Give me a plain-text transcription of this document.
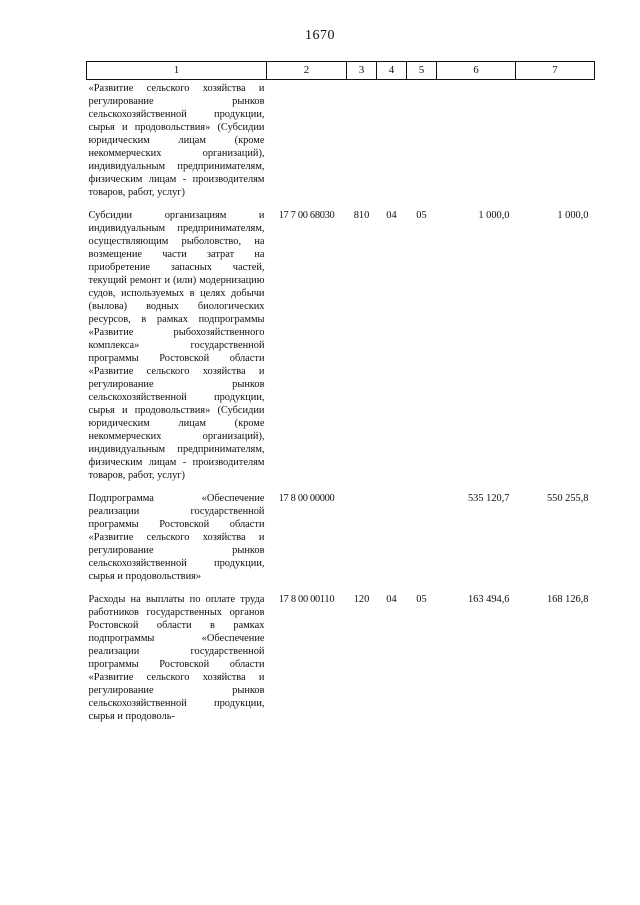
1670
1	2	3	4	5	6	7
«Развитие сельского хозяйства и регулирование рынков сельскохозяйственной продукции, сырья и продовольствия» (Субсидии юридическим лицам (кроме некоммерческих организаций), индивидуальным предпринимателям, физическим лицам - производителям товаров, работ, услуг)						
Субсидии организациям и индивидуальным предпринимателям, осуществляющим рыболовство, на возмещение части затрат на приобретение запасных частей, текущий ремонт и (или) модернизацию судов, используемых в целях добычи (вылова) водных биологических ресурсов, в рамках подпрограммы «Развитие рыбохозяйственного комплекса» государственной программы Ростовской области «Развитие сельского хозяйства и регулирование рынков сельскохозяйственной продукции, сырья и продовольствия» (Субсидии юридическим лицам (кроме некоммерческих организаций), индивидуальным предпринимателям, физическим лицам - производителям товаров, работ, услуг)	17 7 00 68030	810	04	05	1 000,0	1 000,0
Подпрограмма «Обеспечение реализации государственной программы Ростовской области «Развитие сельского хозяйства и регулирование рынков сельскохозяйственной продукции, сырья и продовольствия»	17 8 00 00000				535 120,7	550 255,8
Расходы на выплаты по оплате труда работников государственных органов Ростовской области в рамках подпрограммы «Обеспечение реализации государственной программы Ростовской области «Развитие сельского хозяйства и регулирование рынков сельскохозяйственной продукции, сырья и продоволь-	17 8 00 00110	120	04	05	163 494,6	168 126,8
